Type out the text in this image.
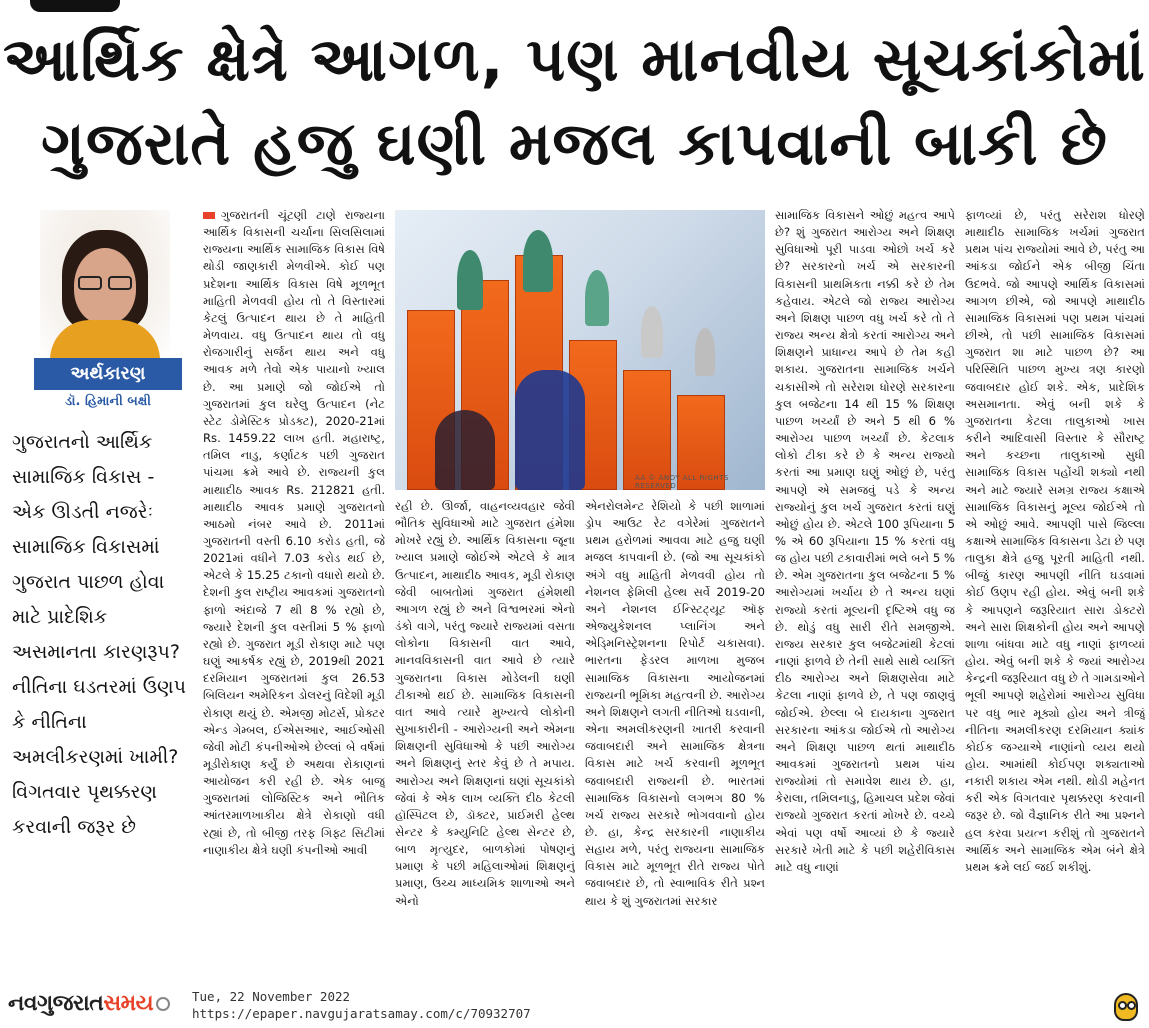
આર્થિક ક્ષેત્રે આગળ, પણ માનવીય સૂચકાંકોમાં
ગુજરાતે હજુ ઘણી મજલ કાપવાની બાકી છે
અર્થકારણ
ડૉ. હિમાની બક્ષી

ગુજરાતનો આર્થિક સામાજિક વિકાસ - એક ઊડતી નજરેઃ સામાજિક વિકાસમાં ગુજરાત પાછળ હોવા માટે પ્રાદેશિક અસમાનતા કારણરૂપ? નીતિના ઘડતરમાં ઉણપ કે નીતિના અમલીકરણમાં ખામી? વિગતવાર પૃથક્કરણ કરવાની જરૂર છે

ગુજરાતની ચૂંટણી ટાણે રાજ્યના આર્થિક વિકાસની ચર્ચાના સિલસિલામાં રાજ્યના આર્થિક સામાજિક વિકાસ વિષે થોડી જાણકારી મેળવીએ. કોઈ પણ પ્રદેશના આર્થિક વિકાસ વિષે મૂળભૂત માહિતી મેળવવી હોય તો તે વિસ્તારમાં કેટલું ઉત્પાદન થાય છે તે માહિતી મેળવાય. વધુ ઉત્પાદન થાય તો વધુ રોજગારીનું સર્જન થાય અને વધુ આવક મળે તેવો એક પાયાનો ખ્યાલ છે. આ પ્રમાણે જો જોઈએ તો ગુજરાતમાં કુલ ઘરેલુ ઉત્પાદન (નેટ સ્ટેટ ડોમેસ્ટિક પ્રોડક્ટ), 2020-21માં Rs. 1459.22 લાખ હતી. મહારાષ્ટ્ર, તમિલ નાડુ, કર્ણાટક પછી ગુજરાત પાંચમા ક્રમે આવે છે. રાજ્યની કુલ માથાદીઠ આવક Rs. 212821 હતી. માથાદીઠ આવક પ્રમાણે ગુજરાતનો આઠમો નંબર આવે છે. 2011માં ગુજરાતની વસ્તી 6.10 કરોડ હતી, જે 2021માં વધીને 7.03 કરોડ થઈ છે, એટલે કે 15.25 ટકાનો વધારો થયો છે. દેશની કુલ રાષ્ટ્રીય આવકમાં ગુજરાતનો ફાળો અંદાજે 7 થી 8 % રહ્યો છે, જ્યારે દેશની કુલ વસ્તીમાં 5 % ફાળો રહ્યો છે. ગુજરાત મૂડી રોકાણ માટે પણ ઘણું આકર્ષક રહ્યું છે, 2019થી 2021 દરમિયાન ગુજરાતમાં કુલ 26.53 બિલિયન અમેરિકન ડોલરનું વિદેશી મૂડી રોકાણ થયું છે. એમજી મોટર્સ, પ્રોક્ટર એન્ડ ગેમ્બલ, ઈએસઆર, આઈઓસી જેવી મોટી કંપનીઓએ છેલ્લાં બે વર્ષમાં મૂડીરોકાણ કર્યું છે અથવા રોકાણનાં આયોજન કરી રહી છે. એક બાજુ ગુજરાતમાં લોજિસ્ટિક અને ભૌતિક આંતરમાળખાકીય ક્ષેત્રે રોકાણો વધી રહ્યાં છે, તો બીજી તરફ ગિફ્ટ સિટીમાં નાણાકીય ક્ષેત્રે ઘણી કંપનીઓ આવી
AA © ANDY ALL RIGHTS RESERVED
રહી છે. ઊર્જા, વાહનવ્યવહાર જેવી ભૌતિક સુવિધાઓ માટે ગુજરાત હંમેશા મોખરે રહ્યું છે. આર્થિક વિકાસના જૂના ખ્યાલ પ્રમાણે જોઈએ એટલે કે માત્ર ઉત્પાદન, માથાદીઠ આવક, મૂડી રોકાણ જેવી બાબતોમાં ગુજરાત હંમેશથી આગળ રહ્યું છે અને વિશ્વભરમાં એનો ડંકો વાગે, પરંતુ જ્યારે રાજ્યમાં વસતા લોકોના વિકાસની વાત આવે, માનવવિકાસની વાત આવે છે ત્યારે ગુજરાતના વિકાસ મોડેલની ઘણી ટીકાઓ થઈ છે. સામાજિક વિકાસની વાત આવે ત્યારે મુખ્યત્વે લોકોની સુખાકારીની - આરોગ્યની અને એમના શિક્ષણની સુવિધાઓ કે પછી આરોગ્ય અને શિક્ષણનું સ્તર કેવું છે તે મપાય. આરોગ્ય અને શિક્ષણનાં ઘણાં સૂચકાંકો જેવાં કે એક લાખ વ્યક્તિ દીઠ કેટલી હૉસ્પિટલ છે, ડૉક્ટર, પ્રાઈમરી હેલ્થ સેન્ટર કે કમ્યુનિટિ હેલ્થ સેન્ટર છે, બાળ મૃત્યુદર, બાળકોમાં પોષણનું પ્રમાણ કે પછી મહિલાઓમાં શિક્ષણનું પ્રમાણ, ઉચ્ચ માધ્યમિક શાળાઓ અને એનો
એનરોલમેન્ટ રેશિયો કે પછી શાળામાં ડ્રોપ આઉટ રેટ વગેરેમાં ગુજરાતને પ્રથમ હરોળમાં આવવા માટે હજુ ઘણી મજલ કાપવાની છે. (જો આ સૂચકાંકો અંગે વધુ માહિતી મેળવવી હોય તો નેશનલ ફેમિલી હેલ્થ સર્વે 2019-20 અને નેશનલ ઈન્સ્ટિટ્યૂટ ઑફ એજ્યુકેશનલ પ્લાનિંગ અને એડ્મિનિસ્ટ્રેશનના રિપોર્ટ ચકાસવા). ભારતના ફેડરલ માળખા મુજબ સામાજિક વિકાસના આયોજનમાં રાજ્યની ભૂમિકા મહત્વની છે. આરોગ્ય અને શિક્ષણને લગતી નીતિઓ ઘડવાની, એના અમલીકરણની ખાતરી કરવાની જવાબદારી અને સામાજિક ક્ષેત્રના વિકાસ માટે ખર્ચ કરવાની મૂળભૂત જવાબદારી રાજ્યની છે. ભારતમાં સામાજિક વિકાસનો લગભગ 80 % ખર્ચ રાજ્ય સરકારે ભોગવવાનો હોય છે. હા, કેન્દ્ર સરકારની નાણાકીય સહાય મળે, પરંતુ રાજ્યના સામાજિક વિકાસ માટે મૂળભૂત રીતે રાજ્ય પોતે જવાબદાર છે, તો સ્વાભાવિક રીતે પ્રશ્ન થાય કે શું ગુજરાતમાં સરકાર
સામાજિક વિકાસને ઓછું મહત્વ આપે છે? શું ગુજરાત આરોગ્ય અને શિક્ષણ સુવિધાઓ પૂરી પાડવા ઓછો ખર્ચ કરે છે? સરકારનો ખર્ચ એ સરકારની વિકાસની પ્રાથમિકતા નક્કી કરે છે તેમ કહેવાય. એટલે જો રાજ્ય આરોગ્ય અને શિક્ષણ પાછળ વધુ ખર્ચ કરે તો તે રાજ્ય અન્ય ક્ષેત્રો કરતાં આરોગ્ય અને શિક્ષણને પ્રાધાન્ય આપે છે તેમ કહી શકાય. ગુજરાતના સામાજિક ખર્ચને ચકાસીએ તો સરેરાશ ધોરણે સરકારના કુલ બજેટના 14 થી 15 % શિક્ષણ પાછળ ખર્ચ્યાં છે અને 5 થી 6 % આરોગ્ય પાછળ ખર્ચ્યાં છે. કેટલાક લોકો ટીકા કરે છે કે અન્ય રાજ્યો કરતાં આ પ્રમાણ ઘણું ઓછું છે, પરંતુ આપણે એ સમજવું પડે કે અન્ય રાજ્યોનું કુલ ખર્ચ ગુજરાત કરતાં ઘણું ઓછું હોય છે. એટલે 100 રૂપિયાના 5 % એ 60 રૂપિયાના 15 % કરતાં વધુ જ હોય પછી ટકાવારીમાં ભલે બને 5 % છે. એમ ગુજરાતના કુલ બજેટના 5 % આરોગ્યમાં ખર્ચાય છે તે અન્ય ઘણાં રાજ્યો કરતાં મૂલ્યની દૃષ્ટિએ વધુ જ છે. થોડું વધુ સારી રીતે સમજીએ. રાજ્ય સરકાર કુલ બજેટમાંથી કેટલાં નાણાં ફાળવે છે તેની સાથે સાથે વ્યક્તિ દીઠ આરોગ્ય અને શિક્ષણસેવા માટે કેટલા નાણાં ફાળવે છે, તે પણ જાણવું જોઈએ. છેલ્લા બે દાયકાના ગુજરાત સરકારના આંકડા જોઈએ તો આરોગ્ય અને શિક્ષણ પાછળ થતાં માથાદીઠ આવકમાં ગુજરાતનો પ્રથમ પાંચ રાજ્યોમાં તો સમાવેશ થાય છે. હા, કેરાલા, તમિલનાડુ, હિમાચલ પ્રદેશ જેવાં રાજ્યો ગુજરાત કરતાં મોખરે છે. વચ્ચે એવાં પણ વર્ષો આવ્યાં છે કે જ્યારે સરકારે ખેતી માટે કે પછી શહેરીવિકાસ માટે વધુ નાણાં
ફાળવ્યાં છે, પરંતુ સરેરાશ ધોરણે માથાદીઠ સામાજિક ખર્ચમાં ગુજરાત પ્રથમ પાંચ રાજ્યોમાં આવે છે, પરંતુ આ આંકડા જોઈને એક બીજી ચિંતા ઉદભવે. જો આપણે આર્થિક વિકાસમાં આગળ છીએ, જો આપણે માથાદીઠ સામાજિક વિકાસમાં પણ પ્રથમ પાંચમાં છીએ, તો પછી સામાજિક વિકાસમાં ગુજરાત શા માટે પાછળ છે? આ પરિસ્થિતિ પાછળ મુખ્ય ત્રણ કારણો જવાબદાર હોઈ શકે. એક, પ્રાદેશિક અસમાનતા. એવું બની શકે કે ગુજરાતના કેટલા તાલુકાઓ ખાસ કરીને આદિવાસી વિસ્તાર કે સૌરાષ્ટ્ર અને કચ્છના તાલુકાઓ સુધી સામાજિક વિકાસ પહોંચી શક્યો નથી અને માટે જ્યારે સમગ્ર રાજ્ય કક્ષાએ સામાજિક વિકાસનું મૂલ્ય જોઈએ તો એ ઓછું આવે. આપણી પાસે જિલ્લા કક્ષાએ સામાજિક વિકાસના ડેટા છે પણ તાલુકા ક્ષેત્રે હજુ પૂરતી માહિતી નથી. બીજું કારણ આપણી નીતિ ઘડવામાં કોઈ ઉણપ રહી હોય. એવું બની શકે કે આપણને જરૂરિયાત સારા ડોક્ટરો અને સારા શિક્ષકોની હોય અને આપણે શાળા બાંધવા માટે વધુ નાણાં ફાળવ્યાં હોય. એવું બની શકે કે જ્યાં આરોગ્ય કેન્દ્રની જરૂરિયાત વધુ છે તે ગામડાઓને ભૂલી આપણે શહેરોમાં આરોગ્ય સુવિધા પર વધુ ભાર મૂક્યો હોય અને ત્રીજું નીતિના અમલીકરણ દરમિયાન ક્યાંક કોઈક જગ્યાએ નાણાંનો વ્યય થયો હોય. આમાંથી કોઈપણ શક્યતાઓ નકારી શકાય એમ નથી. થોડી મહેનત કરી એક વિગતવાર પૃથક્કરણ કરવાની જરૂર છે. જો વૈજ્ઞાનિક રીતે આ પ્રશ્નને હલ કરવા પ્રયત્ન કરીશું તો ગુજરાતને આર્થિક અને સામાજિક એમ બંને ક્ષેત્રે પ્રથમ ક્રમે લઈ જઈ શકીશું.
નવગુજરાતસમય	Tue, 22 November 2022
https://epaper.navgujaratsamay.com/c/70932707
